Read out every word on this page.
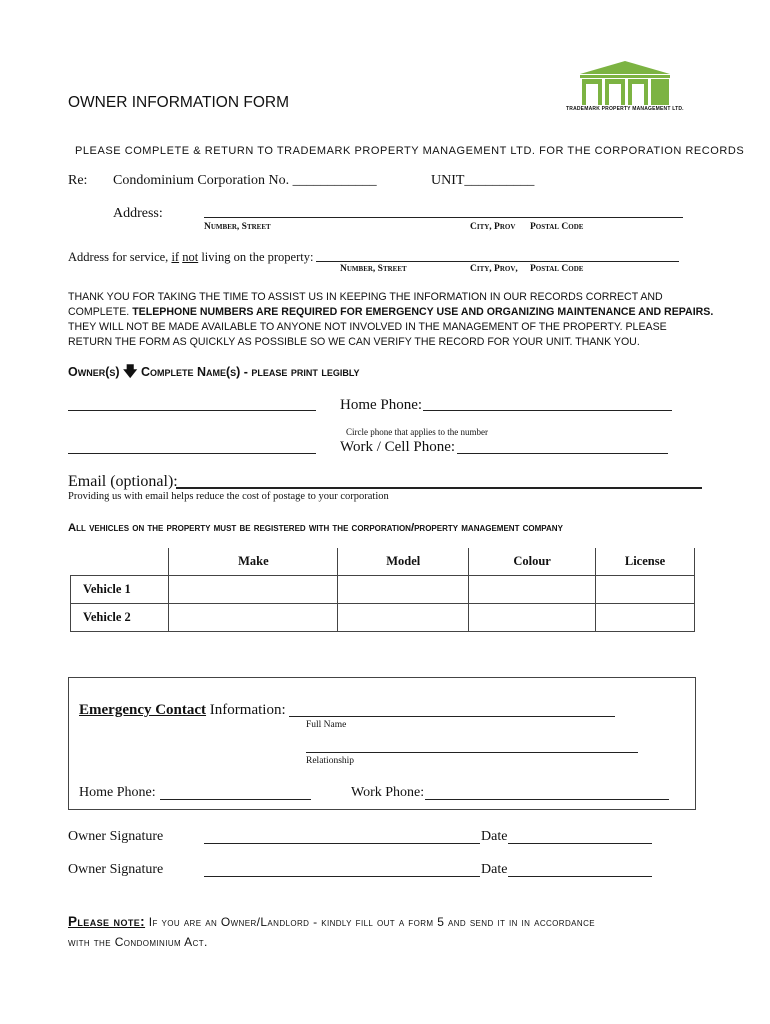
TRADEMARK PROPERTY MANAGEMENT LTD.
OWNER INFORMATION FORM
PLEASE COMPLETE & RETURN TO TRADEMARK PROPERTY MANAGEMENT LTD. FOR THE CORPORATION RECORDS
Re: Condominium Corporation No. ____________	UNIT__________
Address:
Number, Street	City, Prov Postal Code
Address for service, if not living on the property:
Number, Street	City, Prov, Postal Code
THANK YOU FOR TAKING THE TIME TO ASSIST US IN KEEPING THE INFORMATION IN OUR RECORDS CORRECT AND
COMPLETE. TELEPHONE NUMBERS ARE REQUIRED FOR EMERGENCY USE AND ORGANIZING MAINTENANCE AND REPAIRS.
THEY WILL NOT BE MADE AVAILABLE TO ANYONE NOT INVOLVED IN THE MANAGEMENT OF THE PROPERTY. PLEASE
RETURN THE FORM AS QUICKLY AS POSSIBLE SO WE CAN VERIFY THE RECORD FOR YOUR UNIT. THANK YOU.
Owner(s) 🡇 Complete Name(s) - please print legibly
Home Phone:
Circle phone that applies to the number
Work / Cell Phone:
Email (optional):
Providing us with email helps reduce the cost of postage to your corporation
All vehicles on the property must be registered with the corporation/property management company
	Make	Model	Colour	License
Vehicle 1				
Vehicle 2				
Emergency Contact Information:
Full Name
Relationship
Home Phone:	Work Phone:
Owner Signature	Date
Owner Signature	Date
Please note: If you are an Owner/Landlord - kindly fill out a form 5 and send it in in accordance
with the Condominium Act.
